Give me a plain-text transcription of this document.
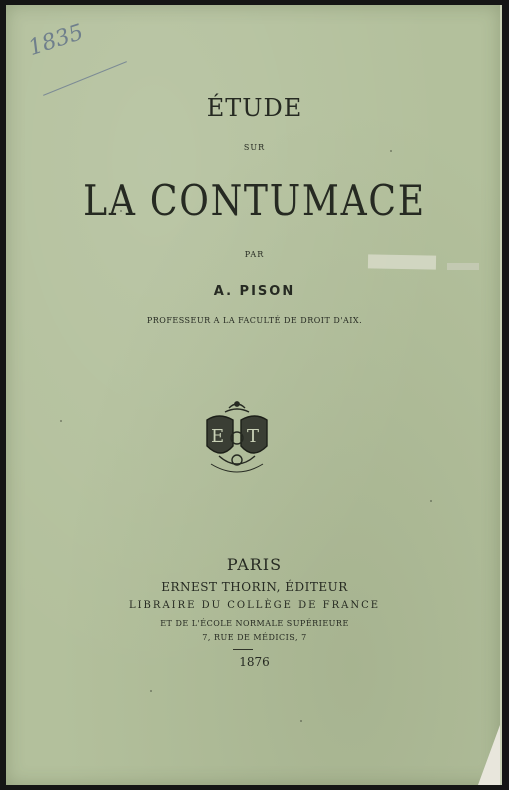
1835
ÉTUDE
SUR
LA CONTUMACE
PAR
A. PISON
PROFESSEUR A LA FACULTÉ DE DROIT D'AIX.
E T
PARIS
ERNEST THORIN, ÉDITEUR
LIBRAIRE DU COLLÈGE DE FRANCE
ET DE L'ÉCOLE NORMALE SUPÉRIEURE
7, RUE DE MÉDICIS, 7
1876
